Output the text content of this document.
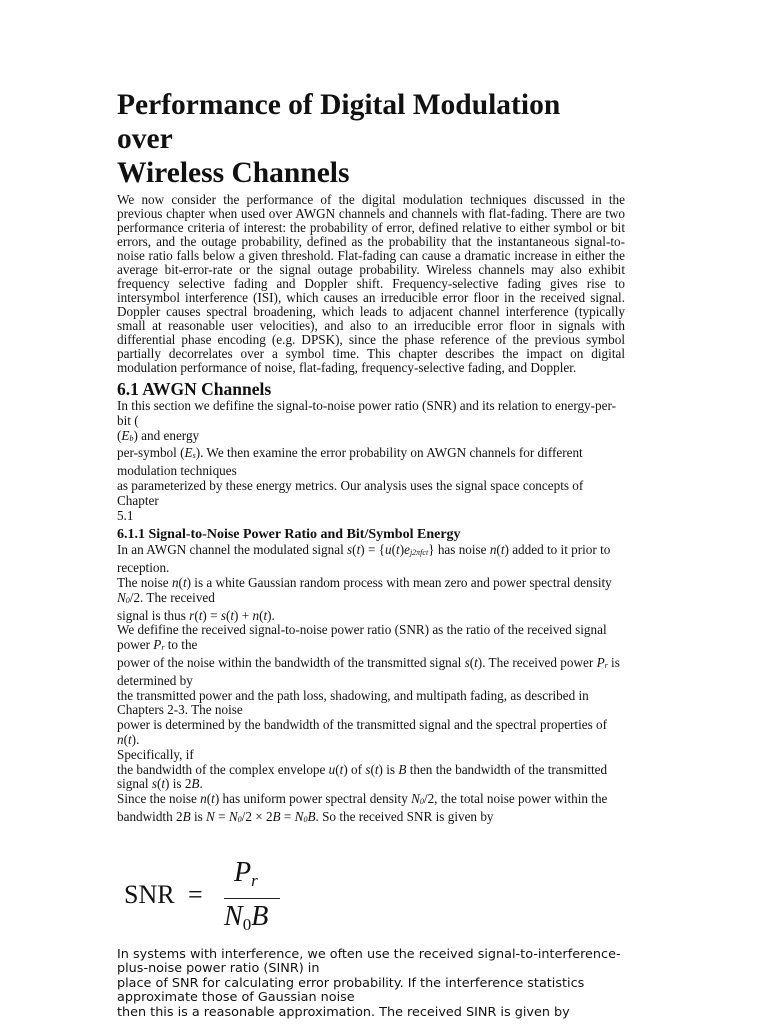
Performance of Digital Modulation
over
Wireless Channels

We now consider the performance of the digital modulation techniques discussed in the previous chapter when used over AWGN channels and channels with flat-fading. There are two performance criteria of interest: the probability of error, defined relative to either symbol or bit errors, and the outage probability, defined as the probability that the instantaneous signal-to-noise ratio falls below a given threshold. Flat-fading can cause a dramatic increase in either the average bit-error-rate or the signal outage probability. Wireless channels may also exhibit frequency selective fading and Doppler shift. Frequency-selective fading gives rise to intersymbol interference (ISI), which causes an irreducible error floor in the received signal. Doppler causes spectral broadening, which leads to adjacent channel interference (typically small at reasonable user velocities), and also to an irreducible error floor in signals with differential phase encoding (e.g. DPSK), since the phase reference of the previous symbol partially decorrelates over a symbol time. This chapter describes the impact on digital modulation performance of noise, flat-fading, frequency-selective fading, and Doppler.

6.1 AWGN Channels

In this section we defifine the signal-to-noise power ratio (SNR) and its relation to energy-per-bit (

$(E_b)$ and energy

per-symbol $(E_s)$. We then examine the error probability on AWGN channels for different

modulation techniques

as parameterized by these energy metrics. Our analysis uses the signal space concepts of Chapter

5.1

6.1.1 Signal-to-Noise Power Ratio and Bit/Symbol Energy

In an AWGN channel the modulated signal $s(t) = \{u(t)e_{j2\pi fct}\}$ has noise n(t) added to it prior to

reception.

The noise n(t) is a white Gaussian random process with mean zero and power spectral density

$N_0/2$. The received

signal is thus r(t) = s(t) + n(t).

We defifine the received signal-to-noise power ratio (SNR) as the ratio of the received signal

power $P_r$ to the

power of the noise within the bandwidth of the transmitted signal s(t). The received power $P_r$ is

determined by

the transmitted power and the path loss, shadowing, and multipath fading, as described in

Chapters 2-3. The noise

power is determined by the bandwidth of the transmitted signal and the spectral properties of n(t).

Specifically, if

the bandwidth of the complex envelope u(t) of s(t) is B then the bandwidth of the transmitted

signal s(t) is 2B.

Since the noise n(t) has uniform power spectral density $N_0/2$, the total noise power within the

bandwidth 2B is $N = N_0/2 \times 2B = N_0B$. So the received SNR is given by

SNR =
$P_r$
$N_0B$

In systems with interference, we often use the received signal-to-interference-

plus-noise power ratio (SINR) in

place of SNR for calculating error probability. If the interference statistics

approximate those of Gaussian noise

then this is a reasonable approximation. The received SINR is given by
